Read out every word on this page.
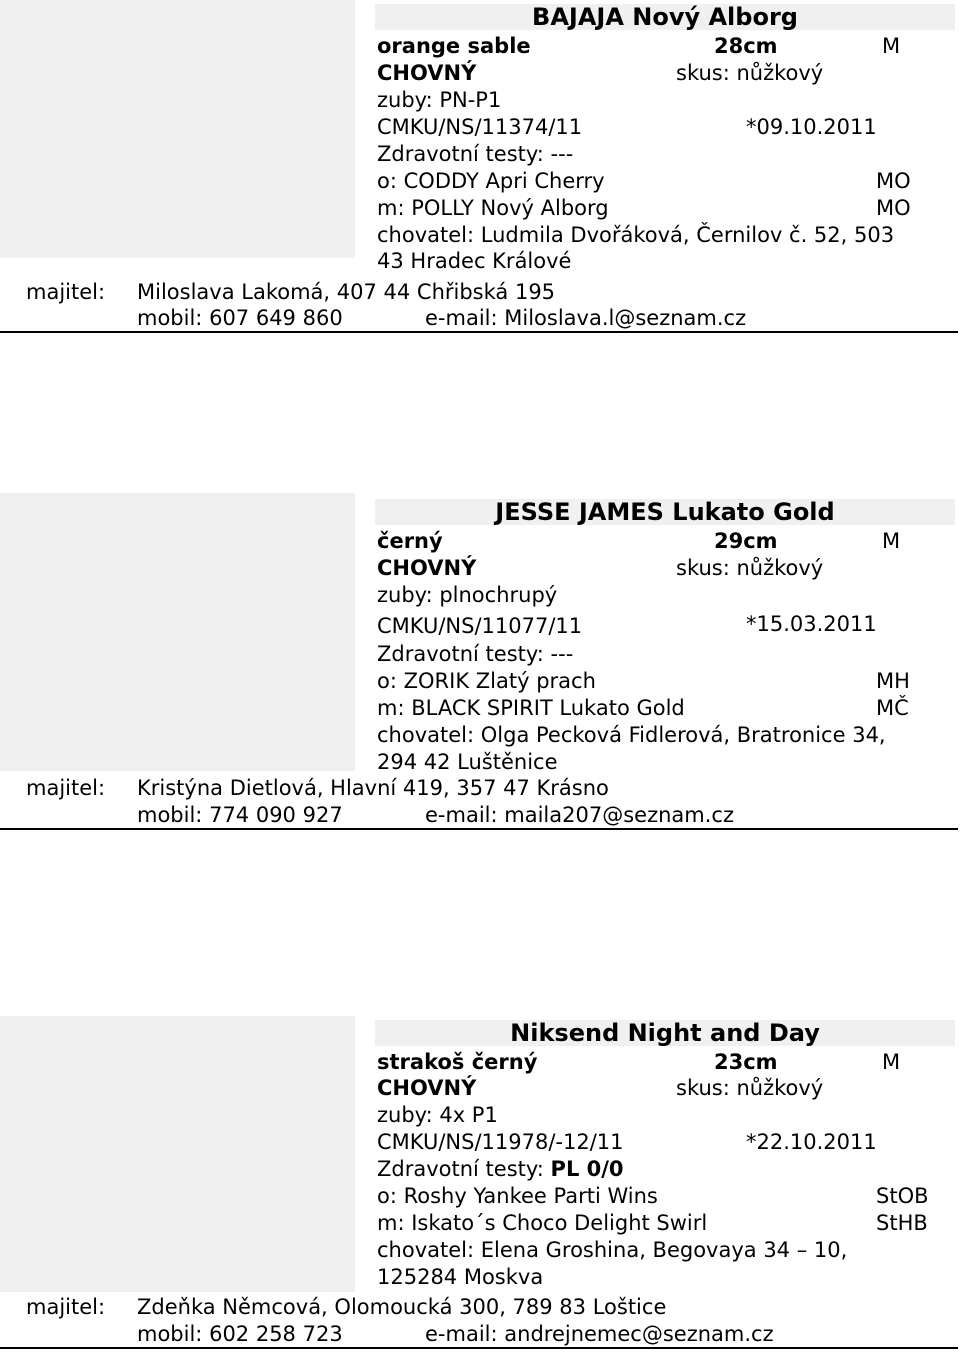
BAJAJA Nový Alborg
orange sable	28cm	M
CHOVNÝ	skus: nůžkový
zuby: PN-P1
CMKU/NS/11374/11	*09.10.2011
Zdravotní testy: ---
o: CODDY Apri Cherry	MO
m: POLLY Nový Alborg	MO
chovatel: Ludmila Dvořáková, Černilov č. 52, 503
43 Hradec Králové
majitel: Miloslava Lakomá, 407 44 Chřibská 195
mobil: 607 649 860	e-mail: Miloslava.l@seznam.cz
JESSE JAMES Lukato Gold
černý	29cm	M
CHOVNÝ	skus: nůžkový
zuby: plnochrupý
CMKU/NS/11077/11	*15.03.2011
Zdravotní testy: ---
o: ZORIK Zlatý prach	MH
m: BLACK SPIRIT Lukato Gold	MČ
chovatel: Olga Pecková Fidlerová, Bratronice 34,
294 42 Luštěnice
majitel: Kristýna Dietlová, Hlavní 419, 357 47 Krásno
mobil: 774 090 927	e-mail: maila207@seznam.cz
Niksend Night and Day
strakoš černý	23cm	M
CHOVNÝ	skus: nůžkový
zuby: 4x P1
CMKU/NS/11978/-12/11	*22.10.2011
Zdravotní testy: PL 0/0
o: Roshy Yankee Parti Wins	StOB
m: Iskato´s Choco Delight Swirl	StHB
chovatel: Elena Groshina, Begovaya 34 – 10,
125284 Moskva
majitel: Zdeňka Němcová, Olomoucká 300, 789 83 Loštice
mobil: 602 258 723	e-mail: andrejnemec@seznam.cz
